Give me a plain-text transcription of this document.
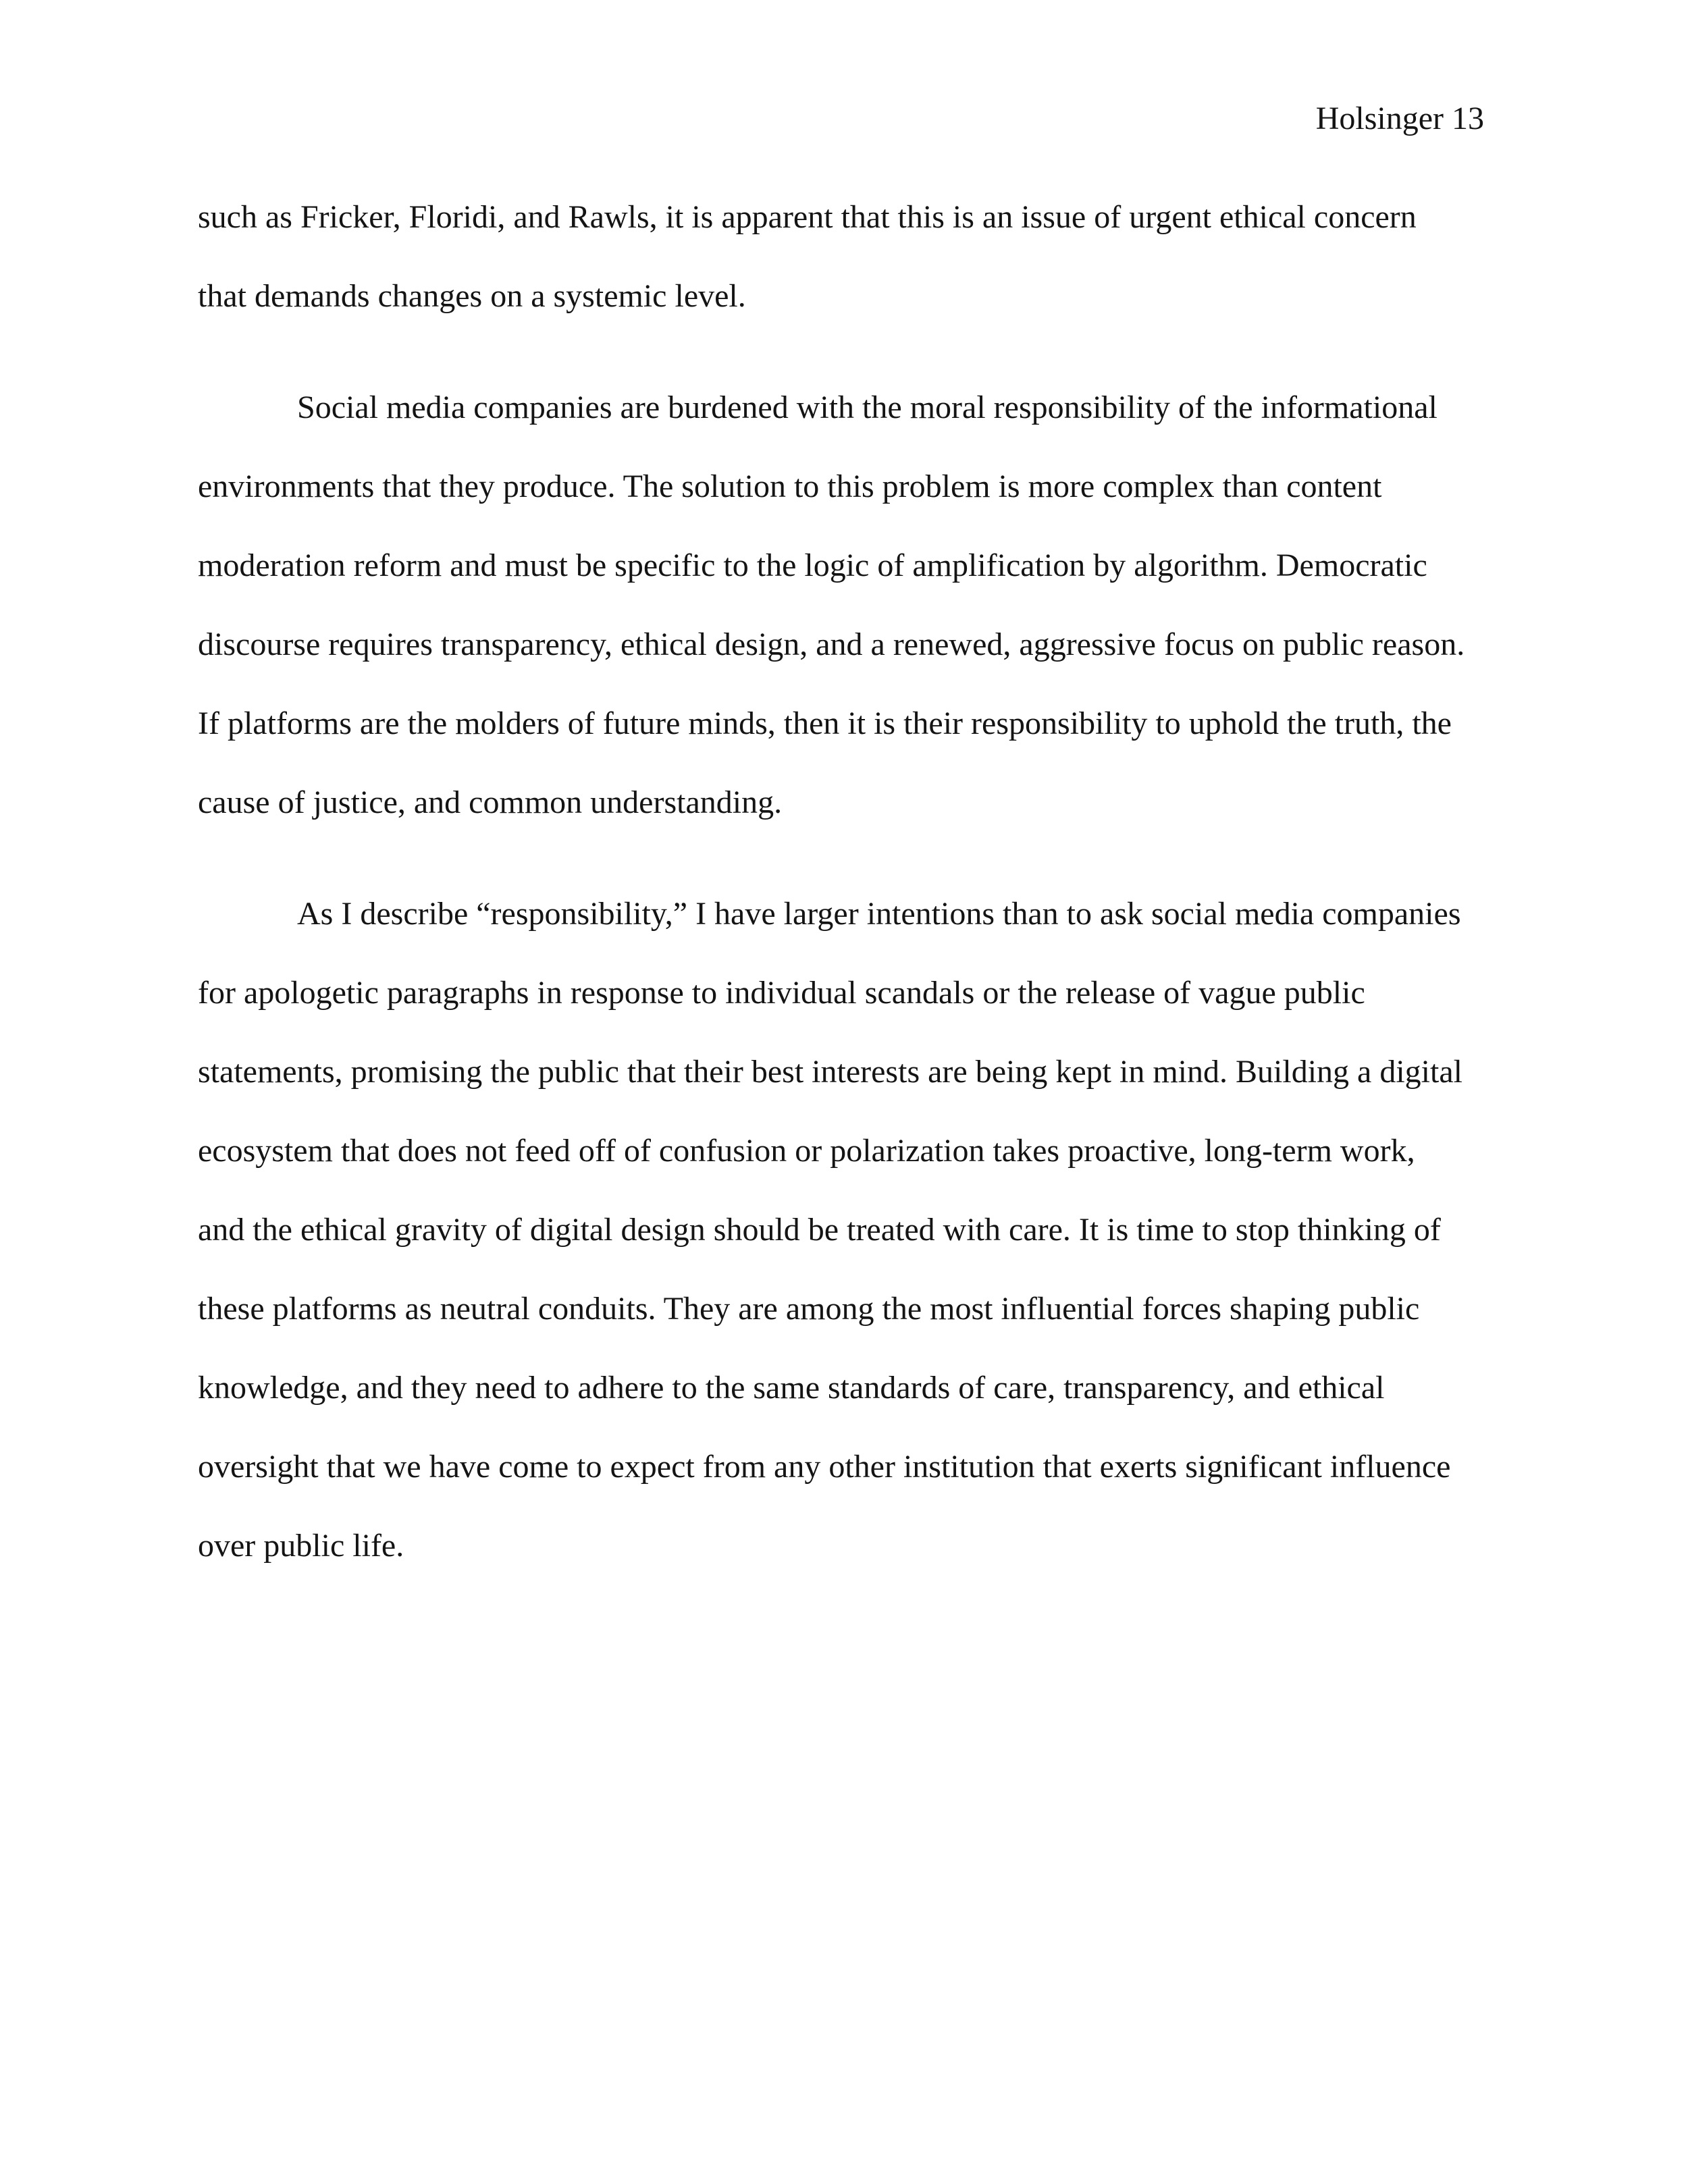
Holsinger 13
such as Fricker, Floridi, and Rawls, it is apparent that this is an issue of urgent ethical concern
that demands changes on a systemic level.
Social media companies are burdened with the moral responsibility of the informational
environments that they produce. The solution to this problem is more complex than content
moderation reform and must be specific to the logic of amplification by algorithm. Democratic
discourse requires transparency, ethical design, and a renewed, aggressive focus on public reason.
If platforms are the molders of future minds, then it is their responsibility to uphold the truth, the
cause of justice, and common understanding.
As I describe “responsibility,” I have larger intentions than to ask social media companies
for apologetic paragraphs in response to individual scandals or the release of vague public
statements, promising the public that their best interests are being kept in mind. Building a digital
ecosystem that does not feed off of confusion or polarization takes proactive, long-term work,
and the ethical gravity of digital design should be treated with care. It is time to stop thinking of
these platforms as neutral conduits. They are among the most influential forces shaping public
knowledge, and they need to adhere to the same standards of care, transparency, and ethical
oversight that we have come to expect from any other institution that exerts significant influence
over public life.
